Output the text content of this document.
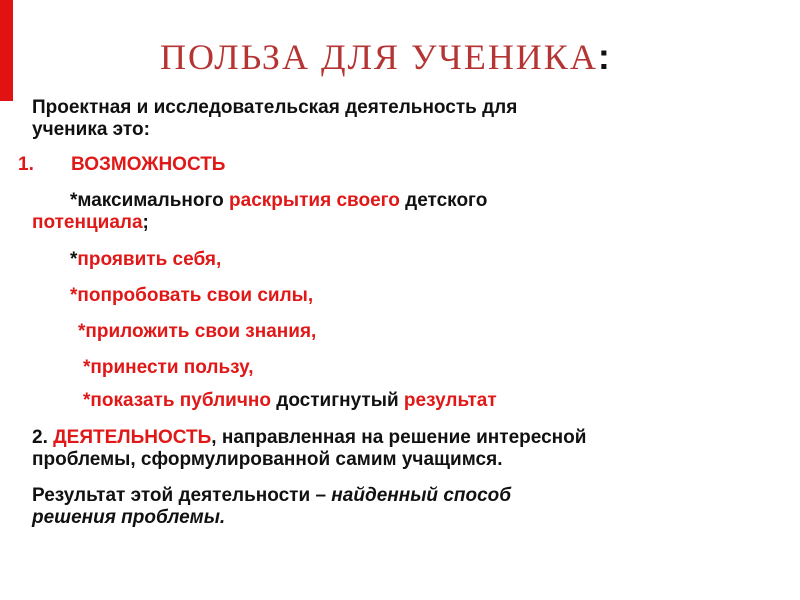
ПОЛЬЗА ДЛЯ УЧЕНИКА:
Проектная и исследовательская деятельность для
ученика это:
1. ВОЗМОЖНОСТЬ
*максимального раскрытия своего детского
потенциала;
*проявить себя,
*попробовать свои силы,
*приложить свои знания,
*принести пользу,
*показать публично достигнутый результат
2. ДЕЯТЕЛЬНОСТЬ, направленная на решение интересной
проблемы, сформулированной самим учащимся.
Результат этой деятельности – найденный способ
решения проблемы.
